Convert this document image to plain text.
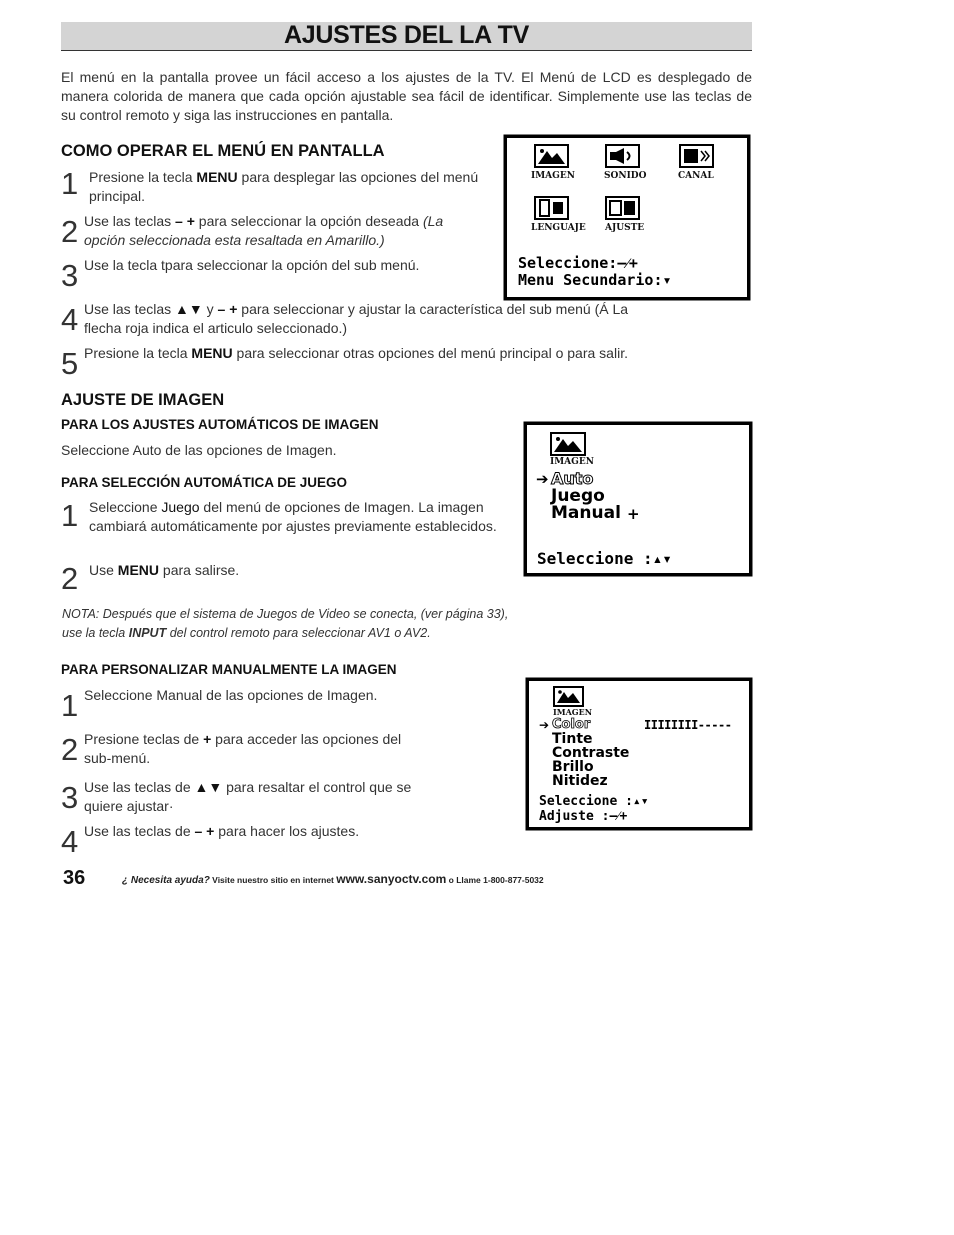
AJUSTES DEL LA TV

El menú en la pantalla provee un fácil acceso a los ajustes de la TV. El Menú de LCD es desplegado de manera colorida de manera que cada opción ajustable sea fácil de identificar. Simplemente use las teclas de su control remoto y siga las instrucciones en pantalla.

COMO OPERAR EL MENÚ EN PANTALLA
1 Presione la tecla MENU para desplegar las opciones del menú principal.
2 Use las teclas – + para seleccionar la opción deseada (La opción seleccionada esta resaltada en Amarillo.)
3 Use la tecla tpara seleccionar la opción del sub menú.
4 Use las teclas ▲▼ y – + para seleccionar y ajustar la característica del sub menú (Á La flecha roja indica el articulo seleccionado.)
5 Presione la tecla MENU para seleccionar otras opciones del menú principal o para salir.
IMAGEN	SONIDO	CANAL
LENGUAJE AJUSTE
Seleccione:–⁄+
Menu Secundario:▾
AJUSTE DE IMAGEN
PARA LOS AJUSTES AUTOMÁTICOS DE IMAGEN

Seleccione Auto de las opciones de Imagen.

PARA SELECCIÓN AUTOMÁTICA DE JUEGO
1 Seleccione Juego del menú de opciones de Imagen. La imagen cambiará automáticamente por ajustes previamente establecidos.
2 Use MENU para salirse.
IMAGEN
➔ Auto
Juego
Manual +
Seleccione :▴▾
NOTA: Después que el sistema de Juegos de Video se conecta, (ver página 33),
use la tecla INPUT del control remoto para seleccionar AV1 o AV2.
PARA PERSONALIZAR MANUALMENTE LA IMAGEN
1 Seleccione Manual de las opciones de Imagen.
2 Presione teclas de + para acceder las opciones del sub-menú.
3 Use las teclas de ▲▼ para resaltar el control que se quiere ajustar·
4 Use las teclas de – + para hacer los ajustes.
IMAGEN
➔ Color
Tinte
Contraste
Brillo
Nitidez
IIIIIIII-----
Seleccione :▴▾
Adjuste :–⁄+
36	¿ Necesita ayuda? Visite nuestro sitio en internet www.sanyoctv.com o Llame 1-800-877-5032
